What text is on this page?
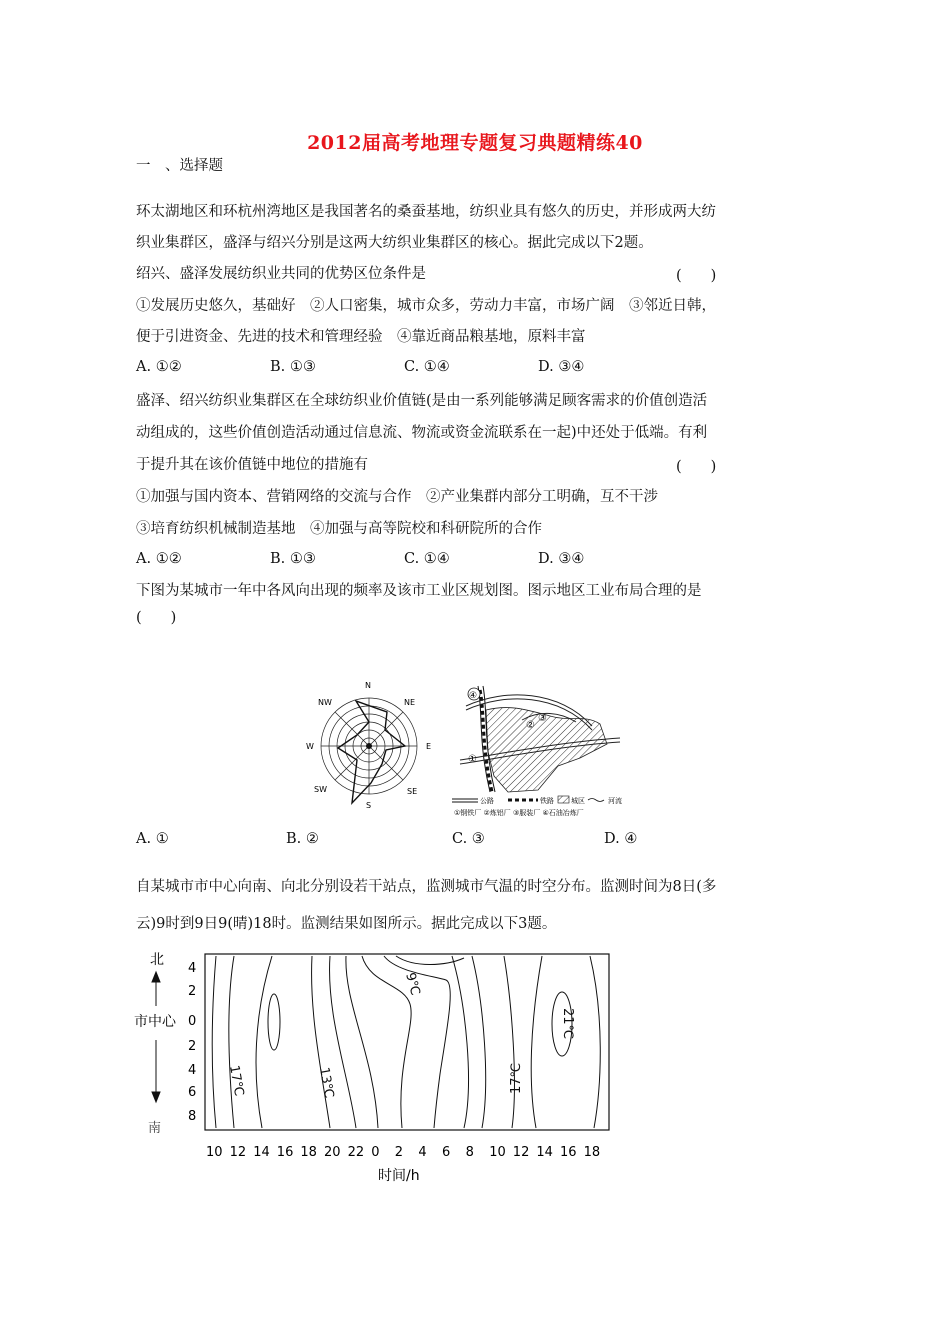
2012届高考地理专题复习典题精练40
一　、选择题
环太湖地区和环杭州湾地区是我国著名的桑蚕基地，纺织业具有悠久的历史，并形成两大纺
织业集群区，盛泽与绍兴分别是这两大纺织业集群区的核心。据此完成以下2题。
绍兴、盛泽发展纺织业共同的优势区位条件是	(　　)
①发展历史悠久，基础好　②人口密集，城市众多，劳动力丰富，市场广阔　③邻近日韩，
便于引进资金、先进的技术和管理经验　④靠近商品粮基地，原料丰富
A. ①②	B. ①③	C. ①④	D. ③④
盛泽、绍兴纺织业集群区在全球纺织业价值链(是由一系列能够满足顾客需求的价值创造活
动组成的，这些价值创造活动通过信息流、物流或资金流联系在一起)中还处于低端。有利
于提升其在该价值链中地位的措施有	(　　)
①加强与国内资本、营销网络的交流与合作　②产业集群内部分工明确，互不干涉
③培育纺织机械制造基地　④加强与高等院校和科研院所的合作
A. ①②	B. ①③	C. ①④	D. ③④
下图为某城市一年中各风向出现的频率及该市工业区规划图。图示地区工业布局合理的是
(　　)
N
NE
E
SE
S
SW
W
NW
④
①
②
③
公路	铁路 城区	河流
①钢铁厂 ②炼铝厂 ③服装厂 ④石油冶炼厂
A. ①	B. ②	C. ③	D. ④
自某城市市中心向南、向北分别设若干站点，监测城市气温的时空分布。监测时间为8日(多
云)9时到9日9(晴)18时。监测结果如图所示。据此完成以下3题。
北
市中心
南
4
2
0
2
4
6
8
10 12 14 16 18 20 22 0 2 4 6 8 10 12 14 16 18
时间/h
9℃
21℃
17℃	13℃	17℃
